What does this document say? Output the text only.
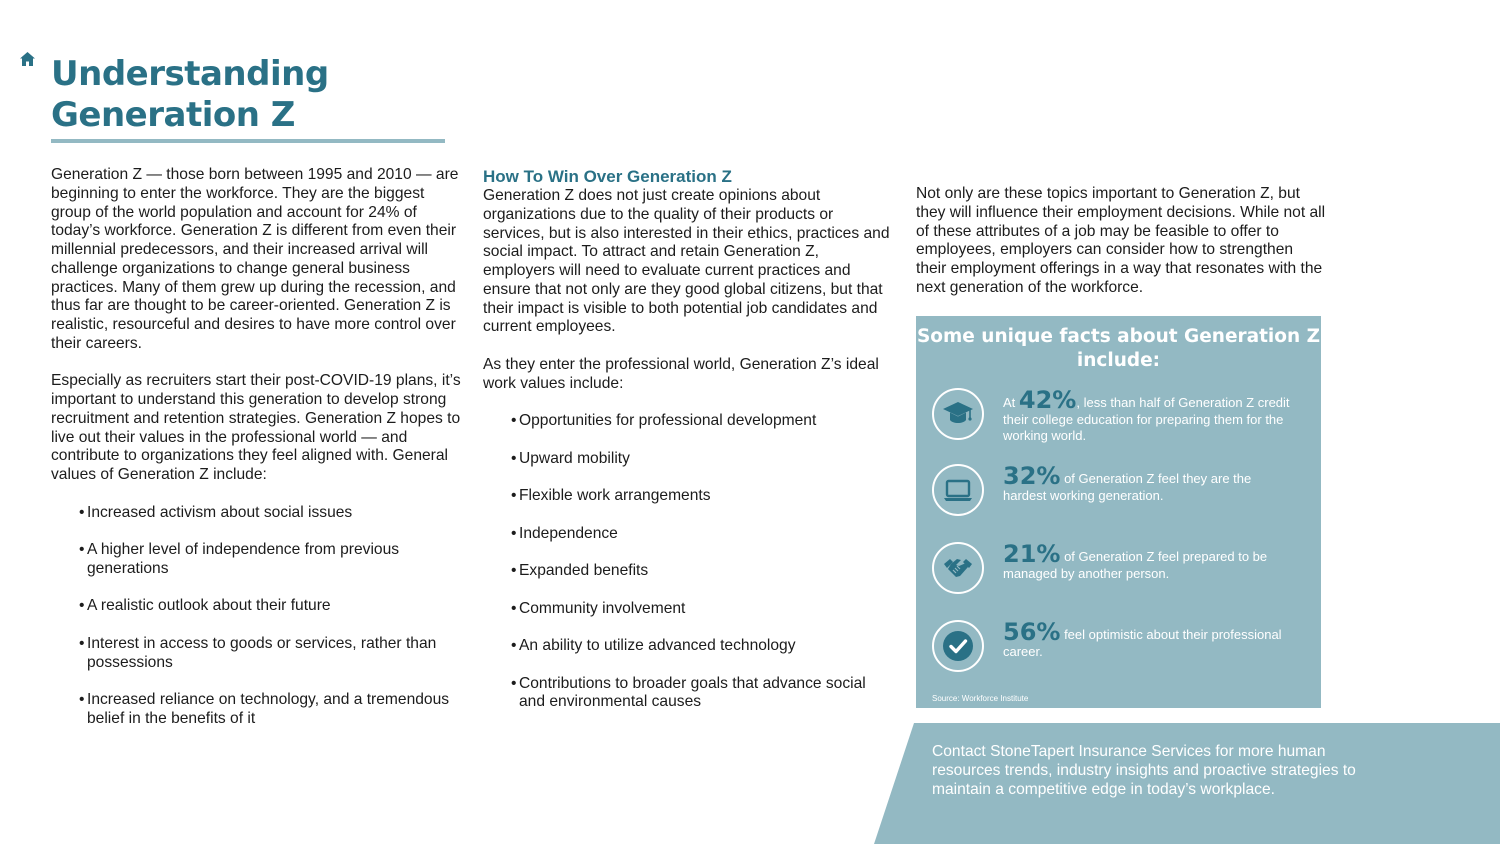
Understanding
Generation Z

Generation Z — those born between 1995 and 2010 — are beginning to enter the workforce. They are the biggest group of the world population and account for 24% of today’s workforce. Generation Z is different from even their millennial predecessors, and their increased arrival will challenge organizations to change general business practices. Many of them grew up during the recession, and thus far are thought to be career-oriented. Generation Z is realistic, resourceful and desires to have more control over their careers.

Especially as recruiters start their post-COVID-19 plans, it’s important to understand this generation to develop strong recruitment and retention strategies. Generation Z hopes to live out their values in the professional world — and contribute to organizations they feel aligned with. General values of Generation Z include:

• Increased activism about social issues
• A higher level of independence from previous generations
• A realistic outlook about their future
• Interest in access to goods or services, rather than possessions
• Increased reliance on technology, and a tremendous belief in the benefits of it
How To Win Over Generation Z

Generation Z does not just create opinions about organizations due to the quality of their products or services, but is also interested in their ethics, practices and social impact. To attract and retain Generation Z, employers will need to evaluate current practices and ensure that not only are they good global citizens, but that their impact is visible to both potential job candidates and current employees.

As they enter the professional world, Generation Z’s ideal work values include:

• Opportunities for professional development
• Upward mobility
• Flexible work arrangements
• Independence
• Expanded benefits
• Community involvement
• An ability to utilize advanced technology
• Contributions to broader goals that advance social and environmental causes

Not only are these topics important to Generation Z, but they will influence their employment decisions. While not all of these attributes of a job may be feasible to offer to employees, employers can consider how to strengthen their employment offerings in a way that resonates with the next generation of the workforce.

Some unique facts about Generation Z include:
At 42%, less than half of Generation Z credit their college education for preparing them for the working world.
32% of Generation Z feel they are the hardest working generation.
21% of Generation Z feel prepared to be managed by another person.
56% feel optimistic about their professional career.
Source: Workforce Institute

Contact StoneTapert Insurance Services for more human resources trends, industry insights and proactive strategies to maintain a competitive edge in today’s workplace.
